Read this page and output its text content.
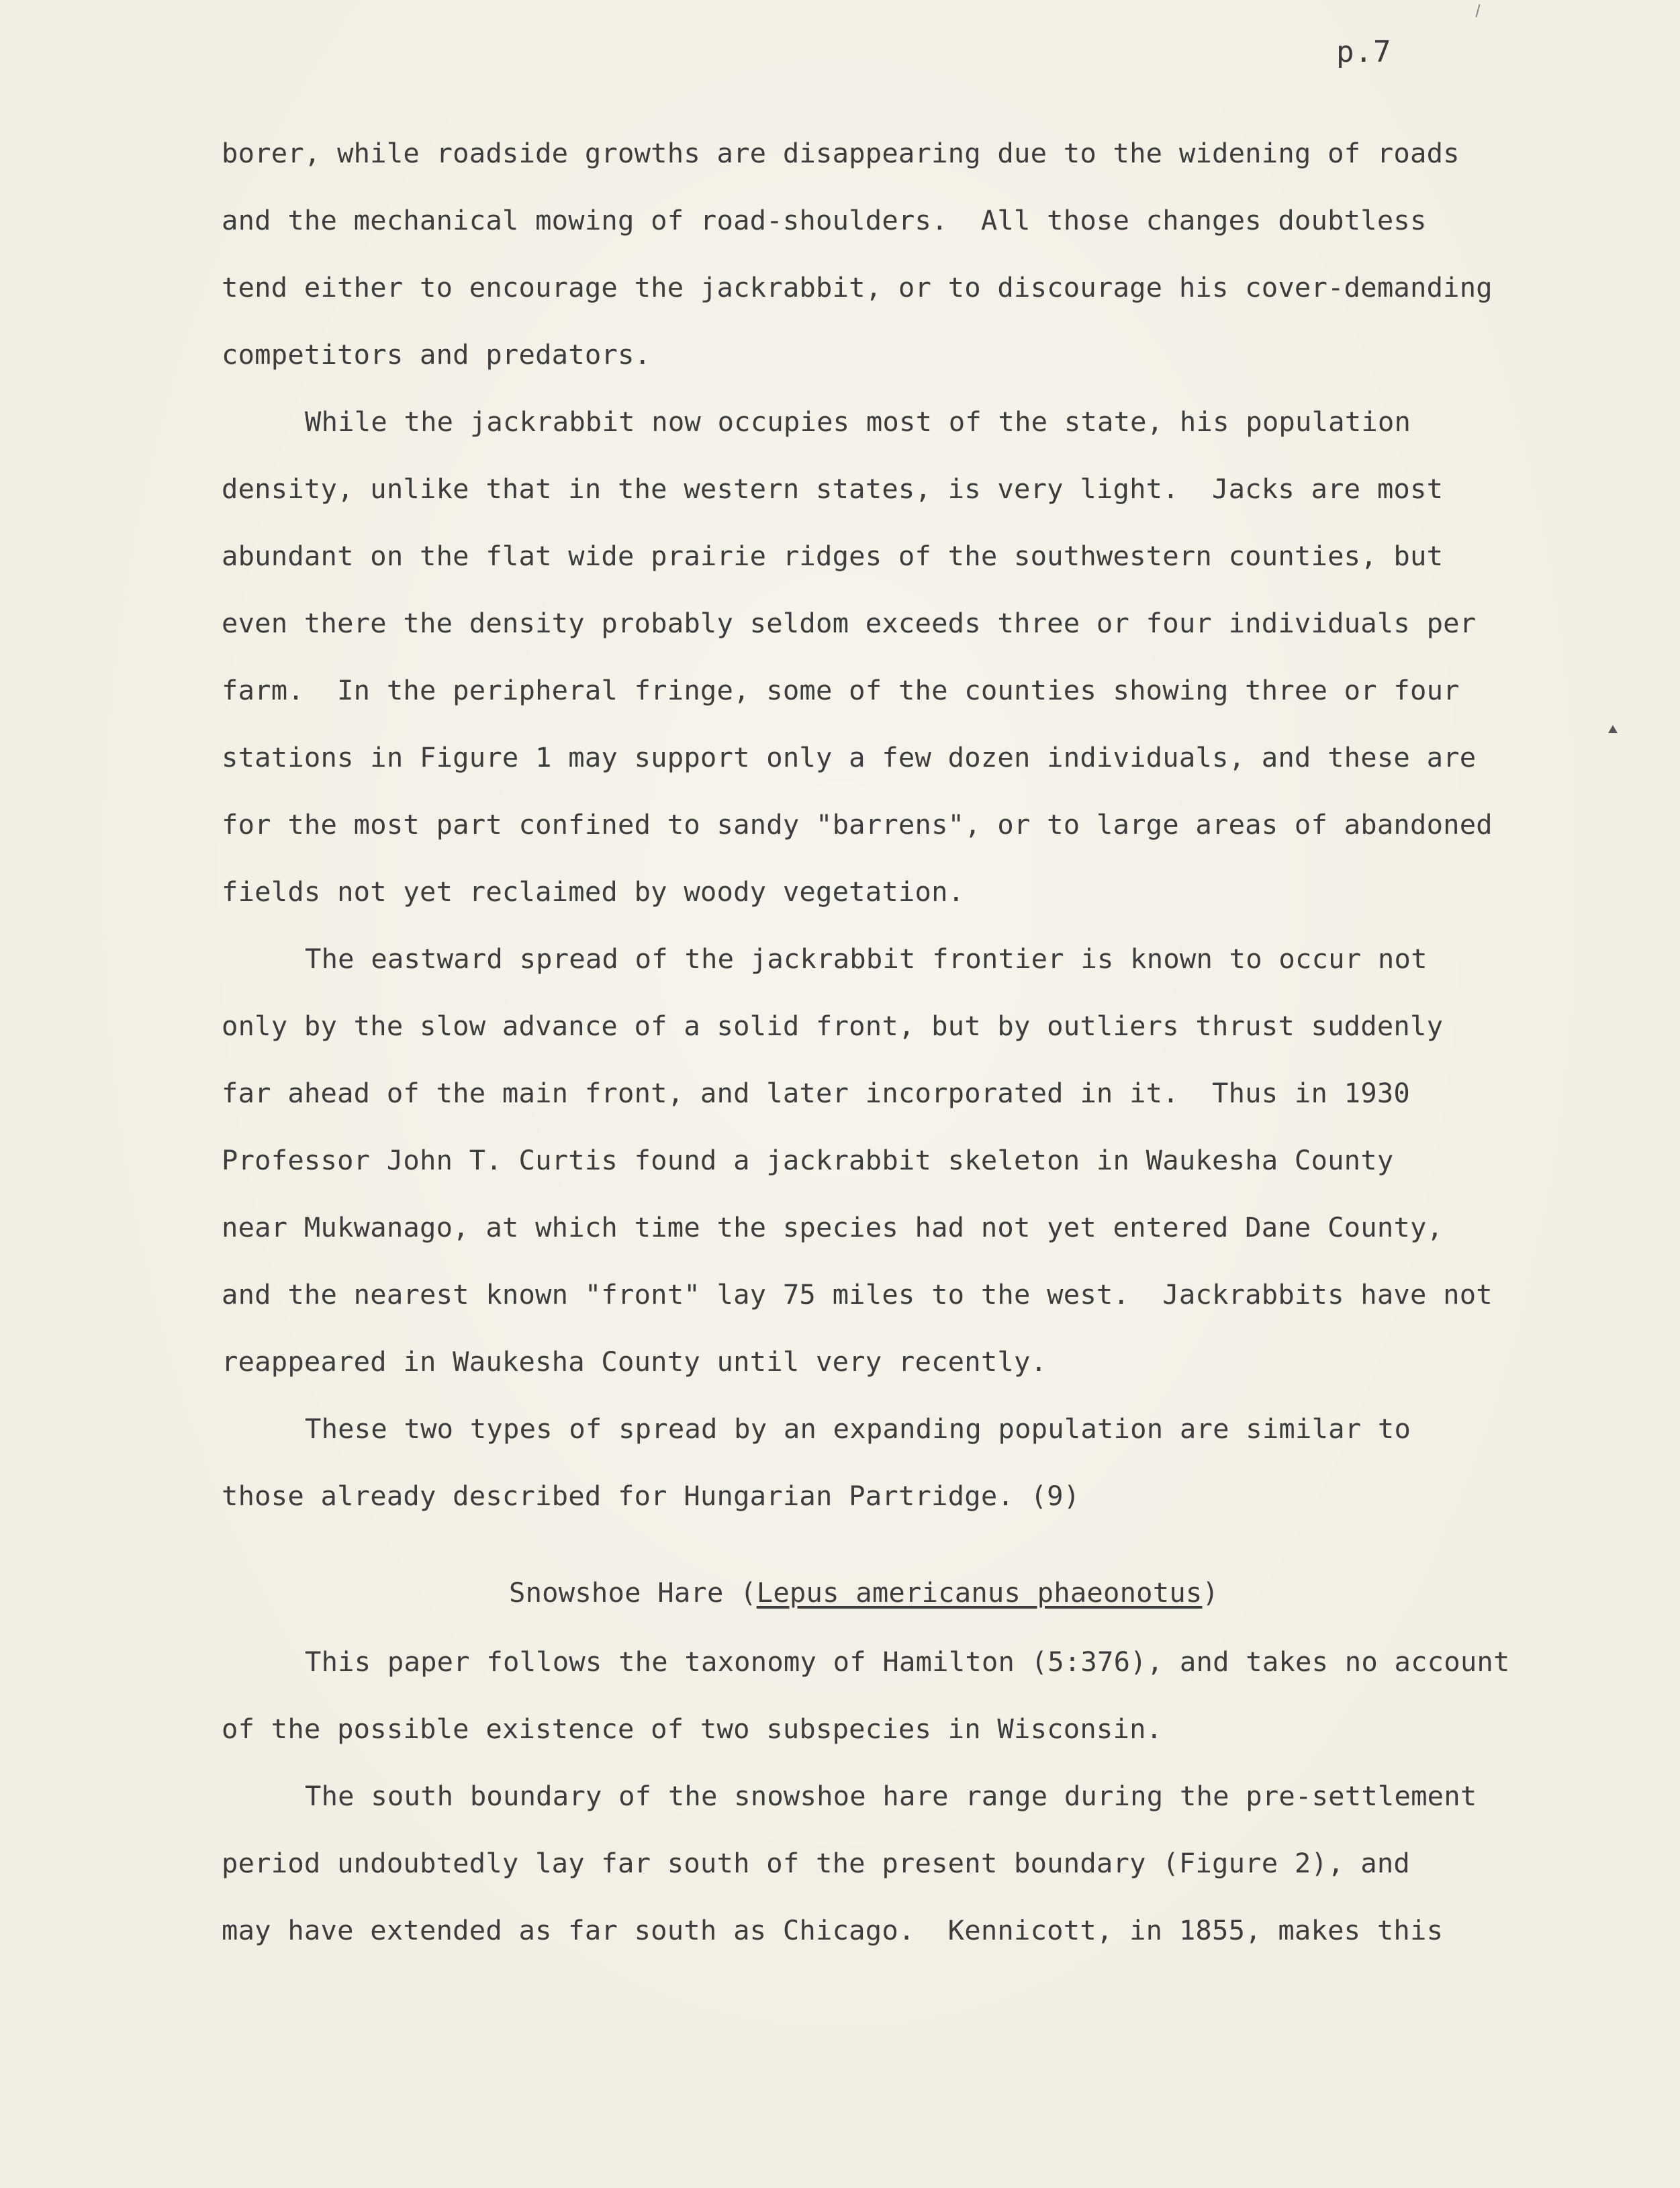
p.7
borer, while roadside growths are disappearing due to the widening of roads
and the mechanical mowing of road-shoulders.  All those changes doubtless
tend either to encourage the jackrabbit, or to discourage his cover-demanding
competitors and predators.
While the jackrabbit now occupies most of the state, his population
density, unlike that in the western states, is very light.  Jacks are most
abundant on the flat wide prairie ridges of the southwestern counties, but
even there the density probably seldom exceeds three or four individuals per
farm.  In the peripheral fringe, some of the counties showing three or four
stations in Figure 1 may support only a few dozen individuals, and these are
for the most part confined to sandy "barrens", or to large areas of abandoned
fields not yet reclaimed by woody vegetation.
The eastward spread of the jackrabbit frontier is known to occur not
only by the slow advance of a solid front, but by outliers thrust suddenly
far ahead of the main front, and later incorporated in it.  Thus in 1930
Professor John T. Curtis found a jackrabbit skeleton in Waukesha County
near Mukwanago, at which time the species had not yet entered Dane County,
and the nearest known "front" lay 75 miles to the west.  Jackrabbits have not
reappeared in Waukesha County until very recently.
These two types of spread by an expanding population are similar to
those already described for Hungarian Partridge. (9)
Snowshoe Hare (Lepus americanus phaeonotus)
This paper follows the taxonomy of Hamilton (5:376), and takes no account
of the possible existence of two subspecies in Wisconsin.
The south boundary of the snowshoe hare range during the pre-settlement
period undoubtedly lay far south of the present boundary (Figure 2), and
may have extended as far south as Chicago.  Kennicott, in 1855, makes this
